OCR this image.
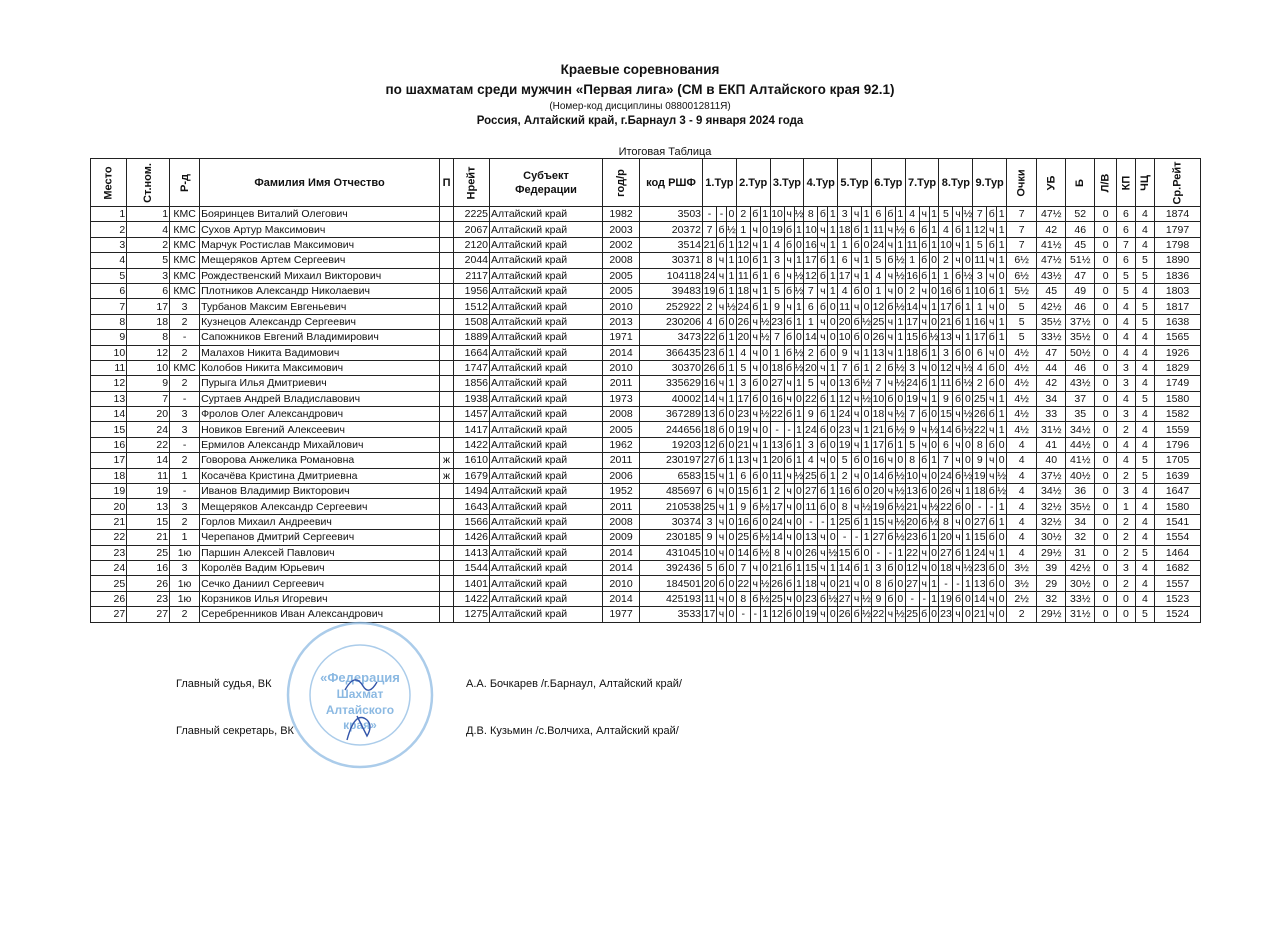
Краевые соревнования
по шахматам среди мужчин «Первая лига» (СМ в ЕКП Алтайского края 92.1)
(Номер-код дисциплины 0880012811Я)
Россия, Алтайский край, г.Барнаул 3 - 9 января 2024 года
Итоговая Таблица
Место	Ст.ном.	Р-д	Фамилия Имя Отчество	П	Нрейт	Субъект Федерации	год/р	код РШФ	1.Тур			2.Тур			3.Тур			4.Тур			5.Тур			6.Тур			7.Тур			8.Тур			9.Тур			Очки	УБ	Б	Л/В	КП	ЧЦ	Ср.Рейт
1	1	КМС	Бояринцев Виталий Олегович		2225	Алтайский край	1982	3503	-	-	0	2	б	1	10	ч	½	8	б	1	3	ч	1	6	б	1	4	ч	1	5	ч	½	7	б	1	7	47½	52	0	6	4	1874
2	4	КМС	Сухов Артур Максимович		2067	Алтайский край	2003	20372	7	б	½	1	ч	0	19	б	1	10	ч	1	18	б	1	11	ч	½	6	б	1	4	б	1	12	ч	1	7	42	46	0	6	4	1797
3	2	КМС	Марчук Ростислав Максимович		2120	Алтайский край	2002	3514	21	б	1	12	ч	1	4	б	0	16	ч	1	1	б	0	24	ч	1	11	б	1	10	ч	1	5	б	1	7	41½	45	0	7	4	1798
4	5	КМС	Мещеряков Артем Сергеевич		2044	Алтайский край	2008	30371	8	ч	1	10	б	1	3	ч	1	17	б	1	6	ч	1	5	б	½	1	б	0	2	ч	0	11	ч	1	6½	47½	51½	0	6	5	1890
5	3	КМС	Рождественский Михаил Викторович		2117	Алтайский край	2005	104118	24	ч	1	11	б	1	6	ч	½	12	б	1	17	ч	1	4	ч	½	16	б	1	1	б	½	3	ч	0	6½	43½	47	0	5	5	1836
6	6	КМС	Плотников Александр Николаевич		1956	Алтайский край	2005	39483	19	б	1	18	ч	1	5	б	½	7	ч	1	4	б	0	1	ч	0	2	ч	0	16	б	1	10	б	1	5½	45	49	0	5	4	1803
7	17	3	Турбанов Максим Евгеньевич		1512	Алтайский край	2010	252922	2	ч	½	24	б	1	9	ч	1	6	б	0	11	ч	0	12	б	½	14	ч	1	17	б	1	1	ч	0	5	42½	46	0	4	5	1817
8	18	2	Кузнецов Александр Сергеевич		1508	Алтайский край	2013	230206	4	б	0	26	ч	½	23	б	1	1	ч	0	20	б	½	25	ч	1	17	ч	0	21	б	1	16	ч	1	5	35½	37½	0	4	5	1638
9	8	-	Сапожников Евгений Владимирович		1889	Алтайский край	1971	3473	22	б	1	20	ч	½	7	б	0	14	ч	0	10	б	0	26	ч	1	15	б	½	13	ч	1	17	б	1	5	33½	35½	0	4	4	1565
10	12	2	Малахов Никита Вадимович		1664	Алтайский край	2014	366435	23	б	1	4	ч	0	1	б	½	2	б	0	9	ч	1	13	ч	1	18	б	1	3	б	0	6	ч	0	4½	47	50½	0	4	4	1926
11	10	КМС	Колобов Никита Максимович		1747	Алтайский край	2010	30370	26	б	1	5	ч	0	18	б	½	20	ч	1	7	б	1	2	б	½	3	ч	0	12	ч	½	4	б	0	4½	44	46	0	3	4	1829
12	9	2	Пурыга Илья Дмитриевич		1856	Алтайский край	2011	335629	16	ч	1	3	б	0	27	ч	1	5	ч	0	13	б	½	7	ч	½	24	б	1	11	б	½	2	б	0	4½	42	43½	0	3	4	1749
13	7	-	Суртаев Андрей Владиславович		1938	Алтайский край	1973	40002	14	ч	1	17	б	0	16	ч	0	22	б	1	12	ч	½	10	б	0	19	ч	1	9	б	0	25	ч	1	4½	34	37	0	4	5	1580
14	20	3	Фролов Олег Александрович		1457	Алтайский край	2008	367289	13	б	0	23	ч	½	22	б	1	9	б	1	24	ч	0	18	ч	½	7	б	0	15	ч	½	26	б	1	4½	33	35	0	3	4	1582
15	24	3	Новиков Евгений Алексеевич		1417	Алтайский край	2005	244656	18	б	0	19	ч	0	-	-	1	24	б	0	23	ч	1	21	б	½	9	ч	½	14	б	½	22	ч	1	4½	31½	34½	0	2	4	1559
16	22	-	Ермилов Александр Михайлович		1422	Алтайский край	1962	19203	12	б	0	21	ч	1	13	б	1	3	б	0	19	ч	1	17	б	1	5	ч	0	6	ч	0	8	б	0	4	41	44½	0	4	4	1796
17	14	2	Говорова Анжелика Романовна	ж	1610	Алтайский край	2011	230197	27	б	1	13	ч	1	20	б	1	4	ч	0	5	б	0	16	ч	0	8	б	1	7	ч	0	9	ч	0	4	40	41½	0	4	5	1705
18	11	1	Косачёва Кристина Дмитриевна	ж	1679	Алтайский край	2006	6583	15	ч	1	6	б	0	11	ч	½	25	б	1	2	ч	0	14	б	½	10	ч	0	24	б	½	19	ч	½	4	37½	40½	0	2	5	1639
19	19	-	Иванов Владимир Викторович		1494	Алтайский край	1952	485697	6	ч	0	15	б	1	2	ч	0	27	б	1	16	б	0	20	ч	½	13	б	0	26	ч	1	18	б	½	4	34½	36	0	3	4	1647
20	13	3	Мещеряков Александр Сергеевич		1643	Алтайский край	2011	210538	25	ч	1	9	б	½	17	ч	0	11	б	0	8	ч	½	19	б	½	21	ч	½	22	б	0	-	-	1	4	32½	35½	0	1	4	1580
21	15	2	Горлов Михаил Андреевич		1566	Алтайский край	2008	30374	3	ч	0	16	б	0	24	ч	0	-	-	1	25	б	1	15	ч	½	20	б	½	8	ч	0	27	б	1	4	32½	34	0	2	4	1541
22	21	1	Черепанов Дмитрий Сергеевич		1426	Алтайский край	2009	230185	9	ч	0	25	б	½	14	ч	0	13	ч	0	-	-	1	27	б	½	23	б	1	20	ч	1	15	б	0	4	30½	32	0	2	4	1554
23	25	1ю	Паршин Алексей Павлович		1413	Алтайский край	2014	431045	10	ч	0	14	б	½	8	ч	0	26	ч	½	15	б	0	-	-	1	22	ч	0	27	б	1	24	ч	1	4	29½	31	0	2	5	1464
24	16	3	Королёв Вадим Юрьевич		1544	Алтайский край	2014	392436	5	б	0	7	ч	0	21	б	1	15	ч	1	14	б	1	3	б	0	12	ч	0	18	ч	½	23	б	0	3½	39	42½	0	3	4	1682
25	26	1ю	Сечко Даниил Сергеевич		1401	Алтайский край	2010	184501	20	б	0	22	ч	½	26	б	1	18	ч	0	21	ч	0	8	б	0	27	ч	1	-	-	1	13	б	0	3½	29	30½	0	2	4	1557
26	23	1ю	Корзников Илья Игоревич		1422	Алтайский край	2014	425193	11	ч	0	8	б	½	25	ч	0	23	б	½	27	ч	½	9	б	0	-	-	1	19	б	0	14	ч	0	2½	32	33½	0	0	4	1523
27	27	2	Серебренников Иван Александрович		1275	Алтайский край	1977	3533	17	ч	0	-	-	1	12	б	0	19	ч	0	26	б	½	22	ч	½	25	б	0	23	ч	0	21	ч	0	2	29½	31½	0	0	5	1524
«Федерация
Шахмат
Алтайского
края»
Главный судья, ВК	А.А. Бочкарев /г.Барнаул, Алтайский край/
Главный секретарь, ВК	Д.В. Кузьмин /с.Волчиха, Алтайский край/
